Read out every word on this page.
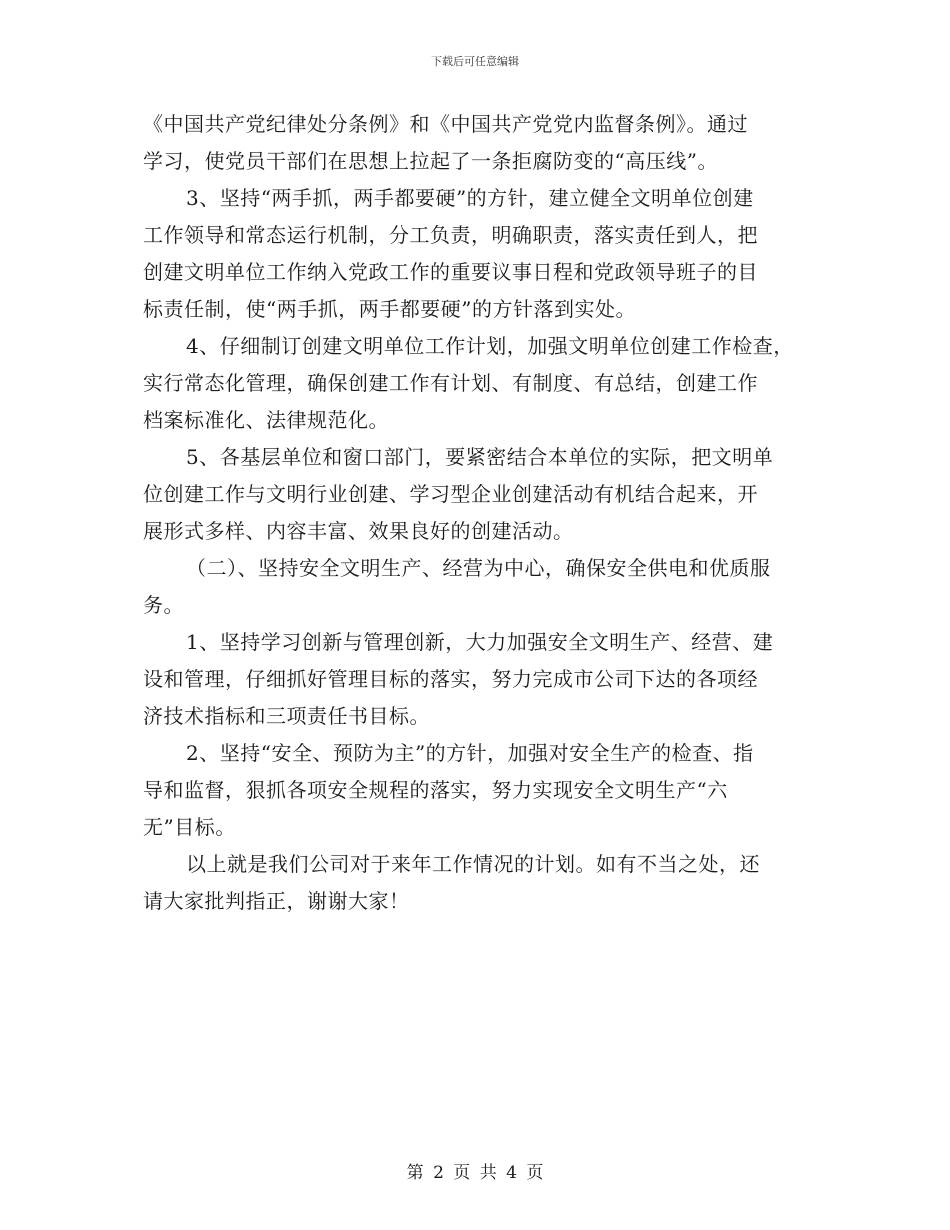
下载后可任意编辑
《中国共产党纪律处分条例》和《中国共产党党内监督条例》。通过
学习，使党员干部们在思想上拉起了一条拒腐防变的“高压线”。
3、坚持“两手抓，两手都要硬”的方针，建立健全文明单位创建
工作领导和常态运行机制，分工负责，明确职责，落实责任到人，把
创建文明单位工作纳入党政工作的重要议事日程和党政领导班子的目
标责任制，使“两手抓，两手都要硬”的方针落到实处。
4、仔细制订创建文明单位工作计划，加强文明单位创建工作检查，
实行常态化管理，确保创建工作有计划、有制度、有总结，创建工作
档案标准化、法律规范化。
5、各基层单位和窗口部门，要紧密结合本单位的实际，把文明单
位创建工作与文明行业创建、学习型企业创建活动有机结合起来，开
展形式多样、内容丰富、效果良好的创建活动。
（二）、坚持安全文明生产、经营为中心，确保安全供电和优质服
务。
1、坚持学习创新与管理创新，大力加强安全文明生产、经营、建
设和管理，仔细抓好管理目标的落实，努力完成市公司下达的各项经
济技术指标和三项责任书目标。
2、坚持“安全、预防为主”的方针，加强对安全生产的检查、指
导和监督，狠抓各项安全规程的落实，努力实现安全文明生产“六
无”目标。
以上就是我们公司对于来年工作情况的计划。如有不当之处，还
请大家批判指正，谢谢大家！
第 2 页 共 4 页
